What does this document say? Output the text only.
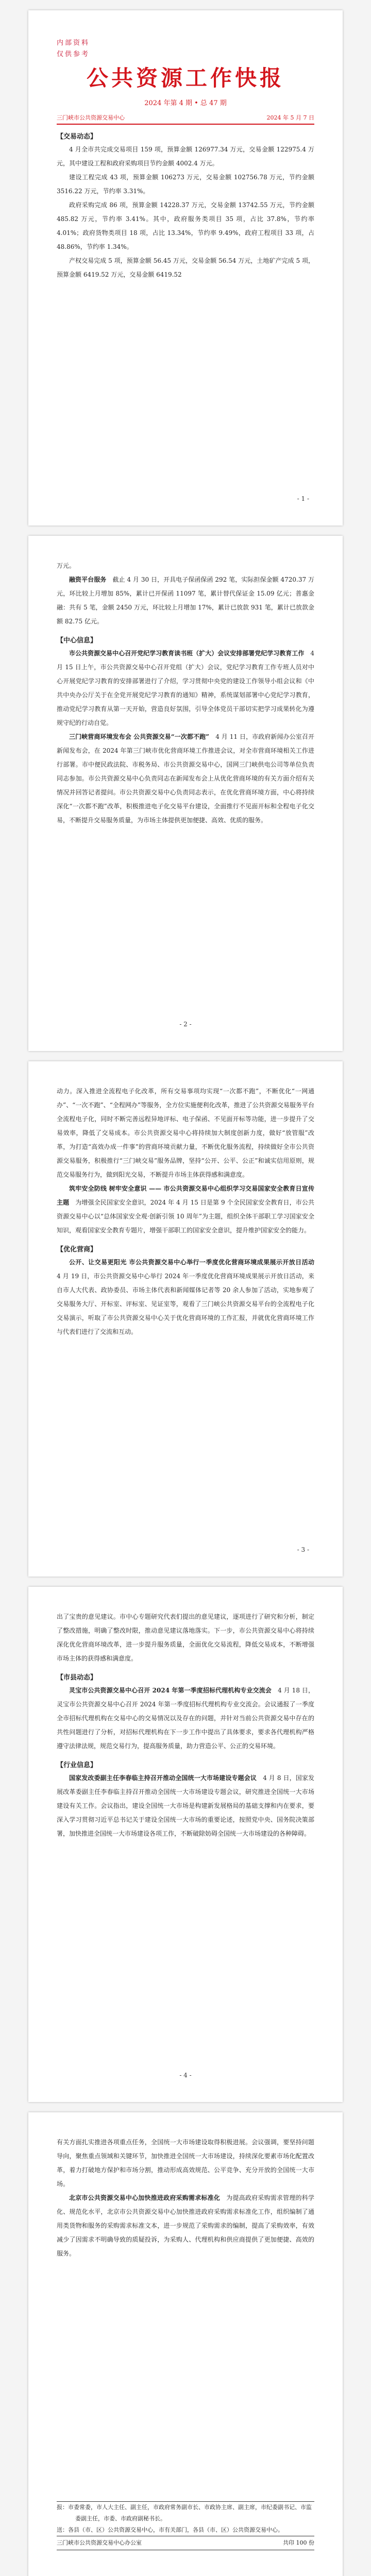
内部资料
仅供参考
公共资源工作快报
2024 年第 4 期 • 总 47 期
三门峡市公共资源交易中心	2024 年 5 月 7 日
【交易动态】

4 月全市共完成交易项目 159 项，预算金额 126977.34 万元，交易金额 122975.4 万元，其中建设工程和政府采购项目节约金额 4002.4 万元。

建设工程完成 43 项，预算金额 106273 万元，交易金额 102756.78 万元，节约金额 3516.22 万元，节约率 3.31%。

政府采购完成 86 项，预算金额 14228.37 万元，交易金额 13742.55 万元，节约金额 485.82 万元，节约率 3.41%。其中，政府服务类项目 35 项，占比 37.8%，节约率 4.01%；政府货物类项目 18 项，占比 13.34%，节约率 9.49%，政府工程项目 33 项，占 48.86%，节约率 1.34%。

产权交易完成 5 项，预算金额 56.45 万元，交易金额 56.54 万元，土地矿产完成 5 项，预算金额 6419.52 万元，交易金额 6419.52

- 1 -

万元。

融资平台服务　 截止 4 月 30 日，开具电子保函保函 292 笔，实际担保金额 4720.37 万元，环比较上月增加 85%，累计已开保函 11097 笔，累计替代保证金 15.09 亿元；普惠金融：共有 5 笔，金额 2450 万元，环比较上月增加 17%，累计已放款 931 笔，累计已放款金额 82.75 亿元。

【中心信息】

市公共资源交易中心召开党纪学习教育读书班（扩大）会议安排部署党纪学习教育工作　 4 月 15 日上午，市公共资源交易中心召开党组（扩大）会议，党纪学习教育工作专班人员对中心开展党纪学习教育的安排部署进行了介绍，学习贯彻中央党的建设工作领导小组会议和《中共中央办公厅关于在全党开展党纪学习教育的通知》精神，系统谋划部署中心党纪学习教育，推动党纪学习教育从第一天开始，营造良好氛围，引导全体党员干部切实把学习成果转化为遵规守纪的行动自觉。

三门峡营商环境发布会 公共资源交易“一次都不跑”　 4 月 11 日，市政府新闻办公室召开新闻发布会，在 2024 年第三门峡市优化营商环境工作推进会议，对全市营商环境相关工作进行部署。市中便民政法院、市税务局、市公共资源交易中心，国网三门峡供电公司等单位负责同志参加。市公共资源交易中心负责同志在新闻发布会上从优化营商环境的有关方面介绍有关情况并回答记者提问。市公共资源交易中心负责同志表示，在优化营商环境方面，中心将持续深化“一次都不跑”改革，积极推进电子化交易平台建设，全面推行不见面开标和全程电子化交易，不断提升交易服务质量，为市场主体提供更加便捷、高效、优质的服务。

- 2 -

动力。深入推进全流程电子化改革，所有交易事项均实现“一次都不跑”，不断优化“一网通办”、“一次不跑”、“全程网办”等服务，全方位实施便利化改革，推进了公共资源交易服务平台全流程电子化，同时不断完善远程异地评标、电子保函、不见面开标等功能，进一步提升了交易效率，降低了交易成本。市公共资源交易中心将持续加大制度创新力度，做好“放管服”改革，为打造“高效办成一件事”的营商环境贡献力量，不断优化服务流程，持续做好全市公共资源交易服务，积极推行“三门峡交易”服务品牌，坚持“公开、公平、公正”和诚实信用原则，规范交易服务行为，做到阳光交易，不断提升市场主体获得感和满意度。

筑牢安全防线 树牢安全意识 —— 市公共资源交易中心组织学习交易国家安全教育日宣传主题　 为增强全民国家安全意识，2024 年 4 月 15 日是第 9 个全民国家安全教育日，市公共资源交易中心以“总体国家安全观·创新引领 10 周年”为主题，组织全体干部职工学习国家安全知识，观看国家安全教育专题片，增强干部职工的国家安全意识，提升维护国家安全的能力。

【优化营商】

公开、让交易更阳光 市公共资源交易中心举行一季度优化营商环境成果展示开放日活动　4 月 19 日，市公共资源交易中心举行 2024 年一季度优化营商环境成果展示开放日活动，来自市人大代表、政协委员、市场主体代表和新闻媒体记者等 20 余人参加了活动，实地参观了交易服务大厅、开标室、评标室、见证室等，观看了三门峡公共资源交易平台的全流程电子化交易演示，听取了市公共资源交易中心关于优化营商环境的工作汇报，并就优化营商环境工作与代表们进行了交流和互动。

- 3 -

出了宝贵的意见建议。市中心专题研究代表们提出的意见建议，逐项进行了研究和分析，制定了整改措施，明确了整改时限，推动意见建议落地落实。下一步，市公共资源交易中心将持续深化优化营商环境改革，进一步提升服务质量，全面优化交易流程，降低交易成本，不断增强市场主体的获得感和满意度。

【市县动态】

灵宝市公共资源交易中心召开 2024 年第一季度招标代理机构专业交流会　 4 月 18 日，灵宝市公共资源交易中心召开 2024 年第一季度招标代理机构专业交流会。会议通报了一季度全市招标代理机构在交易中心的交易情况以及存在的问题，并针对当前公共资源交易中存在的共性问题进行了分析，对招标代理机构在下一步工作中提出了具体要求，要求各代理机构严格遵守法律法规，规范交易行为，提高服务质量，助力营造公平、公正的交易环境。

【行业信息】

国家发改委副主任李春临主持召开推动全国统一大市场建设专题会议　 4 月 8 日，国家发展改革委副主任李春临主持召开推动全国统一大市场建设专题会议，研究推进全国统一大市场建设有关工作。会议指出，建设全国统一大市场是构建新发展格局的基础支撑和内在要求，要深入学习贯彻习近平总书记关于建设全国统一大市场的重要论述，按照党中央、国务院决策部署，加快推进全国统一大市场建设各项工作，不断破除妨碍全国统一大市场建设的各种障碍。

- 4 -

有关方面扎实推进各项重点任务，全国统一大市场建设取得积极进展。会议强调，要坚持问题导向，聚焦重点领域和关键环节，加快推进全国统一大市场建设，持续深化要素市场化配置改革，着力打破地方保护和市场分割，推动形成高效规范、公平竞争、充分开放的全国统一大市场。

北京市公共资源交易中心加快推进政府采购需求标准化　 为提高政府采购需求管理的科学化、规范化水平，北京市公共资源交易中心加快推进政府采购需求标准化工作，组织编制了通用类货物和服务的采购需求标准文本，进一步规范了采购需求的编制，提高了采购效率，有效减少了因需求不明确导致的质疑投诉，为采购人、代理机构和供应商提供了更加便捷、高效的服务。

报：市委常委，市人大主任、副主任，市政府常务副市长、市政协主席、副主席，市纪委副书记、市监委副主任，市委、市政府副秘书长。
送：各县（市、区）公共资源交易中心，市有关部门，各县（市、区）公共资源交易中心。
三门峡市公共资源交易中心办公室	共印 100 份
